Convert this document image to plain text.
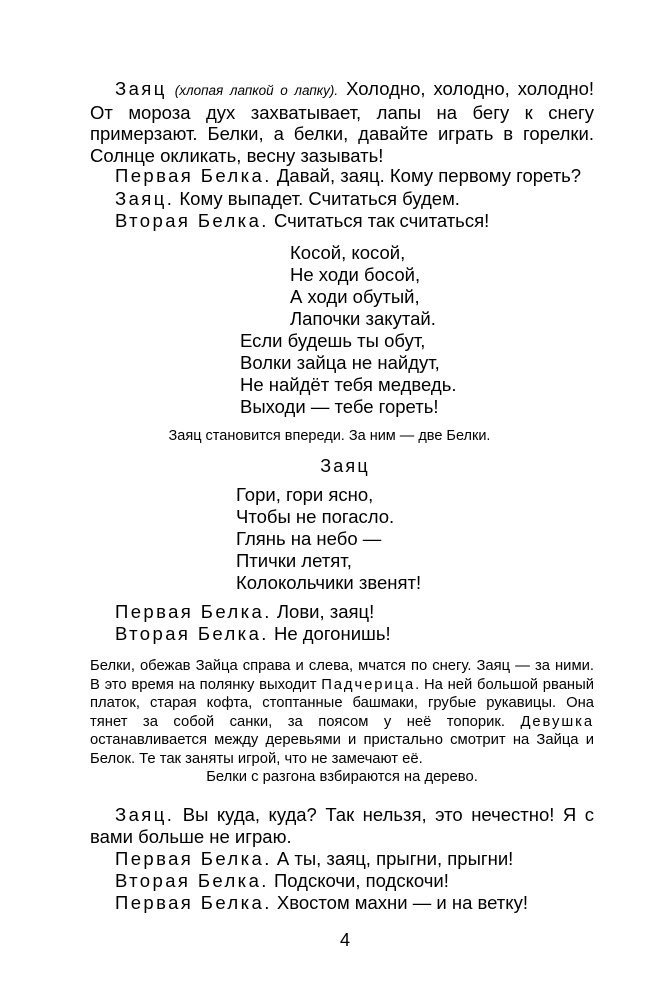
Заяц (хлопая лапкой о лапку). Холодно, холодно, холодно! От мороза дух захватывает, лапы на бегу к снегу примерзают. Белки, а белки, давайте играть в горелки. Солнце окликать, весну зазывать!

Первая Белка. Давай, заяц. Кому первому гореть?
Заяц. Кому выпадет. Считаться будем.
Вторая Белка. Считаться так считаться!
Косой, косой,
Не ходи босой,
А ходи обутый,
Лапочки закутай.
Если будешь ты обут,
Волки зайца не найдут,
Не найдёт тебя медведь.
Выходи — тебе гореть!
Заяц становится впереди. За ним — две Белки.
Заяц
Гори, гори ясно,
Чтобы не погасло.
Глянь на небо —
Птички летят,
Колокольчики звенят!
Первая Белка. Лови, заяц!
Вторая Белка. Не догонишь!

Белки, обежав Зайца справа и слева, мчатся по снегу. Заяц — за ними. В это время на полянку выходит Падчерица. На ней большой рваный платок, старая кофта, стоптанные башмаки, грубые рукавицы. Она тянет за собой санки, за поясом у неё топорик. Девушка останавливается между деревьями и пристально смотрит на Зайца и Белок. Те так заняты игрой, что не замечают её.

Белки с разгона взбираются на дерево.

Заяц. Вы куда, куда? Так нельзя, это нечестно! Я с вами больше не играю.

Первая Белка. А ты, заяц, прыгни, прыгни!
Вторая Белка. Подскочи, подскочи!
Первая Белка. Хвостом махни — и на ветку!
4
